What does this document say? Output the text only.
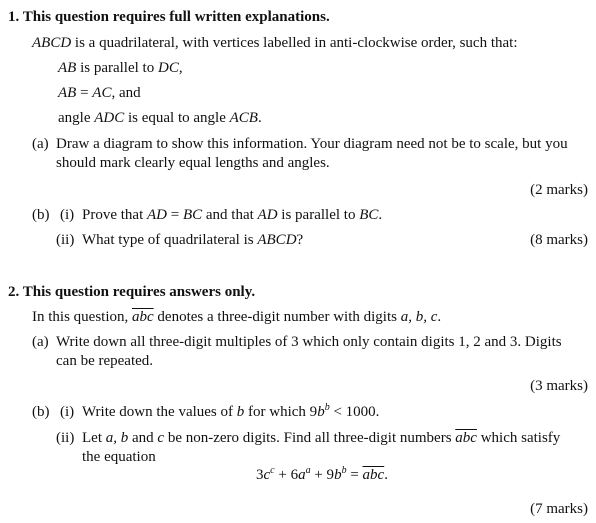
1. This question requires full written explanations.
ABCD is a quadrilateral, with vertices labelled in anti-clockwise order, such that:
AB is parallel to DC,
AB = AC, and
angle ADC is equal to angle ACB.
(a) Draw a diagram to show this information. Your diagram need not be to scale, but you
should mark clearly equal lengths and angles.
(2 marks)
(b) (i) Prove that AD = BC and that AD is parallel to BC.
(ii) What type of quadrilateral is ABCD?	(8 marks)
2. This question requires answers only.
In this question, $\overline{abc}$ denotes a three-digit number with digits a, b, c.
(a) Write down all three-digit multiples of 3 which only contain digits 1, 2 and 3. Digits
can be repeated.
(3 marks)
(b) (i) Write down the values of b for which $9b^b < 1000$.
(ii) Let a, b and c be non-zero digits. Find all three-digit numbers $\overline{abc}$ which satisfy
the equation
$3c^c + 6a^a + 9b^b = \overline{abc}$.
(7 marks)
